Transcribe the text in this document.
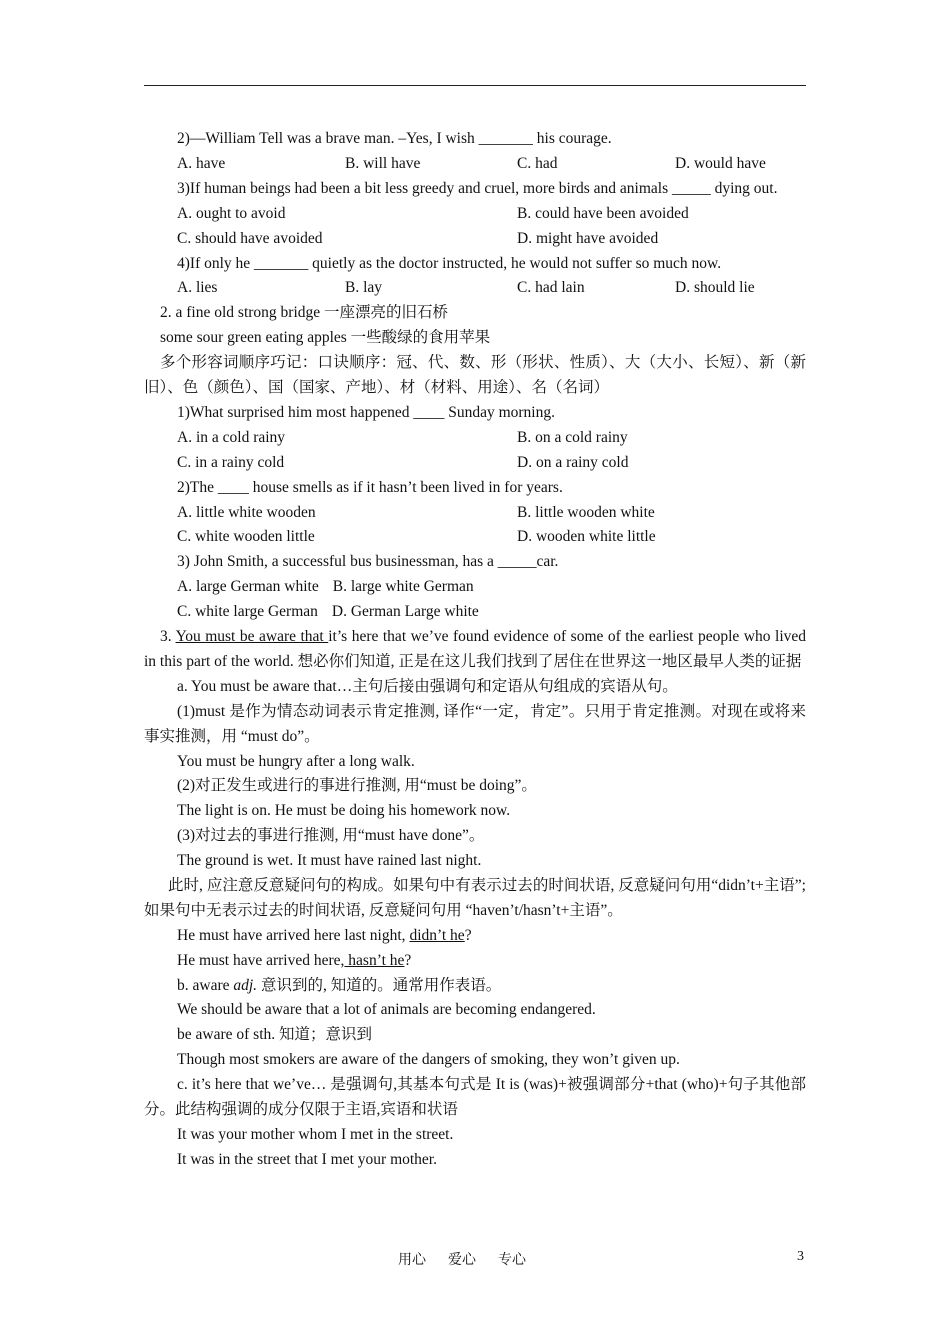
2)—William Tell was a brave man. –Yes, I wish _______ his courage.
A. have	B. will have	C. had	D. would have
3)If human beings had been a bit less greedy and cruel, more birds and animals _____ dying out.
A. ought to avoid	B. could have been avoided
C. should have avoided	D. might have avoided
4)If only he _______ quietly as the doctor instructed, he would not suffer so much now.
A. lies	B. lay	C. had lain	D. should lie
2. a fine old strong bridge 一座漂亮的旧石桥
some sour green eating apples 一些酸绿的食用苹果
多个形容词顺序巧记：口诀顺序：冠、代、数、形（形状、性质）、大（大小、长短）、新（新旧）、色（颜色）、国（国家、产地）、材（材料、用途）、名（名词）
1)What surprised him most happened ____ Sunday morning.
A. in a cold rainy	B. on a cold rainy
C. in a rainy cold	D. on a rainy cold
2)The ____ house smells as if it hasn’t been lived in for years.
A. little white wooden	B. little wooden white
C. white wooden little	D. wooden white little
3) John Smith, a successful bus businessman, has a _____car.
A. large German white B. large white German
C. white large German D. German Large white
3. You must be aware that it’s here that we’ve found evidence of some of the earliest people who lived in this part of the world. 想必你们知道, 正是在这儿我们找到了居住在世界这一地区最早人类的证据
a. You must be aware that…主句后接由强调句和定语从句组成的宾语从句。
(1)must 是作为情态动词表示肯定推测, 译作“一定，肯定”。只用于肯定推测。对现在或将来事实推测，用 “must do”。
You must be hungry after a long walk.
(2)对正发生或进行的事进行推测, 用“must be doing”。
The light is on. He must be doing his homework now.
(3)对过去的事进行推测, 用“must have done”。
The ground is wet. It must have rained last night.
此时, 应注意反意疑问句的构成。如果句中有表示过去的时间状语, 反意疑问句用“didn’t+主语”; 如果句中无表示过去的时间状语, 反意疑问句用 “haven’t/hasn’t+主语”。
He must have arrived here last night, didn’t he?
He must have arrived here, hasn’t he?
b. aware adj. 意识到的, 知道的。通常用作表语。
We should be aware that a lot of animals are becoming endangered.
be aware of sth. 知道；意识到
Though most smokers are aware of the dangers of smoking, they won’t given up.
c. it’s here that we’ve… 是强调句,其基本句式是 It is (was)+被强调部分+that (who)+句子其他部分。此结构强调的成分仅限于主语,宾语和状语
It was your mother whom I met in the street.
It was in the street that I met your mother.
用心 爱心 专心	3
